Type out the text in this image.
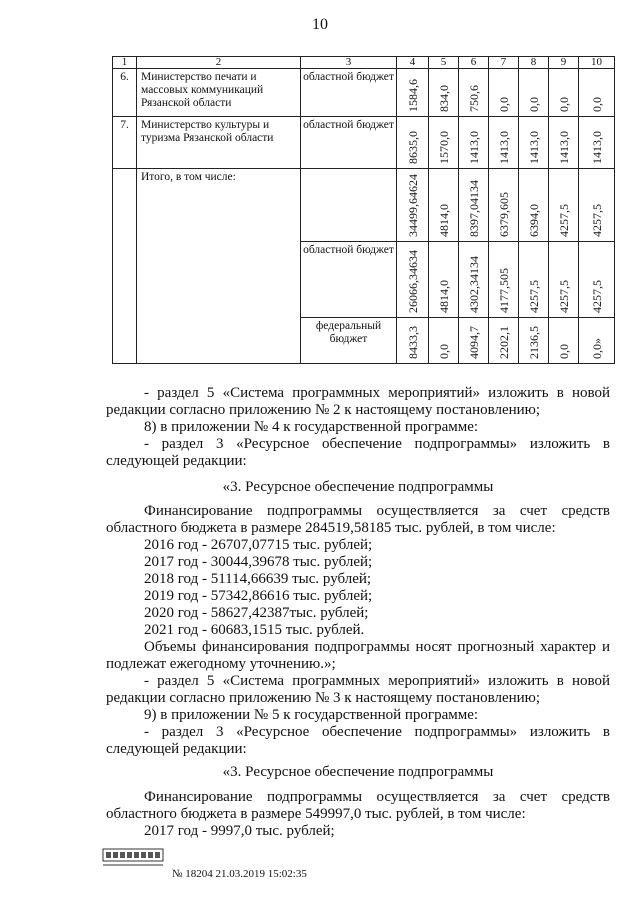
10
1	2	3	4	5	6	7	8	9	10
6.	Министерство печати и массовых коммуникаций Рязанской области	областной бюджет	1584,6	834,0	750,6	0,0	0,0	0,0	0,0

7.	Министерство культуры и туризма Рязанской области	областной бюджет	8635,0	1570,0	1413,0	1413,0	1413,0	1413,0	1413,0

	Итого, в том числе:		34499,64624	4814,0	8397,04134	6379,605	6394,0	4257,5	4257,5

		областной бюджет	26066,34634	4814,0	4302,34134	4177,505	4257,5	4257,5	4257,5

		федеральный бюджет	8433,3	0,0	4094,7	2202,1	2136,5	0,0	0,0»

- раздел 5 «Система программных мероприятий» изложить в новой

редакции согласно приложению № 2 к настоящему постановлению;

8) в приложении № 4 к государственной программе:

- раздел 3 «Ресурсное обеспечение подпрограммы» изложить в

следующей редакции:

«3. Ресурсное обеспечение подпрограммы

Финансирование подпрограммы осуществляется за счет средств

областного бюджета в размере 284519,58185 тыс. рублей, в том числе:

2016 год - 26707,07715 тыс. рублей;

2017 год - 30044,39678 тыс. рублей;

2018 год - 51114,66639 тыс. рублей;

2019 год - 57342,86616 тыс. рублей;

2020 год - 58627,42387тыс. рублей;

2021 год - 60683,1515 тыс. рублей.

Объемы финансирования подпрограммы носят прогнозный характер и

подлежат ежегодному уточнению.»;

- раздел 5 «Система программных мероприятий» изложить в новой

редакции согласно приложению № 3 к настоящему постановлению;

9) в приложении № 5 к государственной программе:

- раздел 3 «Ресурсное обеспечение подпрограммы» изложить в

следующей редакции:

«3. Ресурсное обеспечение подпрограммы

Финансирование подпрограммы осуществляется за счет средств

областного бюджета в размере 549997,0 тыс. рублей, в том числе:

2017 год - 9997,0 тыс. рублей;

№ 18204 21.03.2019 15:02:35
